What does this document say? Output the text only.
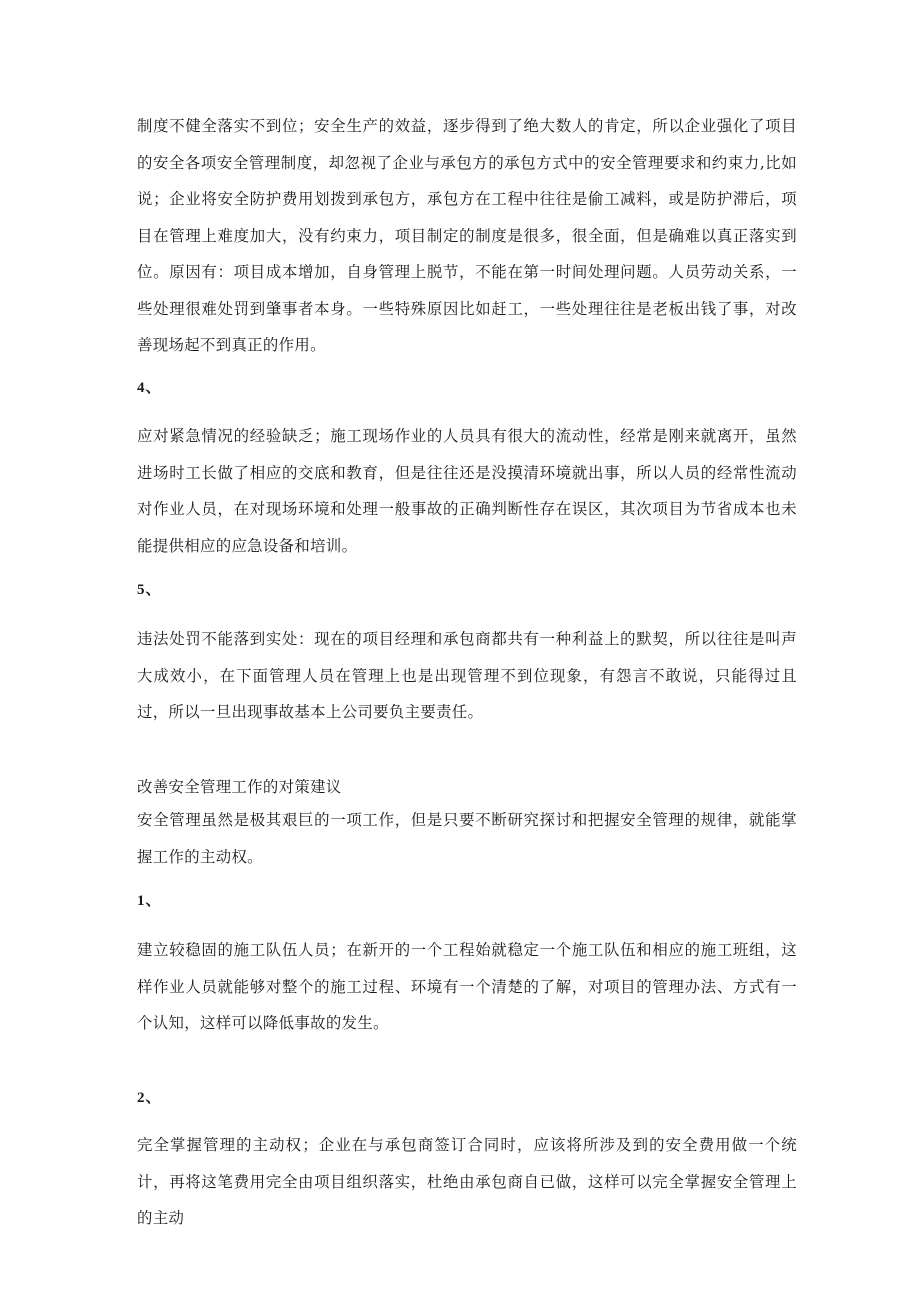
制度不健全落实不到位；安全生产的效益，逐步得到了绝大数人的肯定，所以企业强化了项目的安全各项安全管理制度，却忽视了企业与承包方的承包方式中的安全管理要求和约束力,比如说；企业将安全防护费用划拨到承包方，承包方在工程中往往是偷工减料，或是防护滞后，项目在管理上难度加大，没有约束力，项目制定的制度是很多，很全面，但是确难以真正落实到位。原因有：项目成本增加，自身管理上脱节，不能在第一时间处理问题。人员劳动关系，一些处理很难处罚到肇事者本身。一些特殊原因比如赶工，一些处理往往是老板出钱了事，对改善现场起不到真正的作用。

4、

应对紧急情况的经验缺乏；施工现场作业的人员具有很大的流动性，经常是刚来就离开，虽然进场时工长做了相应的交底和教育，但是往往还是没摸清环境就出事，所以人员的经常性流动对作业人员，在对现场环境和处理一般事故的正确判断性存在误区，其次项目为节省成本也未能提供相应的应急设备和培训。

5、

违法处罚不能落到实处：现在的项目经理和承包商都共有一种利益上的默契，所以往往是叫声大成效小，在下面管理人员在管理上也是出现管理不到位现象，有怨言不敢说，只能得过且过，所以一旦出现事故基本上公司要负主要责任。

改善安全管理工作的对策建议

安全管理虽然是极其艰巨的一项工作，但是只要不断研究探讨和把握安全管理的规律，就能掌握工作的主动权。

1、

建立较稳固的施工队伍人员；在新开的一个工程始就稳定一个施工队伍和相应的施工班组，这样作业人员就能够对整个的施工过程、环境有一个清楚的了解，对项目的管理办法、方式有一个认知，这样可以降低事故的发生。

2、

完全掌握管理的主动权；企业在与承包商签订合同时，应该将所涉及到的安全费用做一个统计，再将这笔费用完全由项目组织落实，杜绝由承包商自已做，这样可以完全掌握安全管理上的主动
